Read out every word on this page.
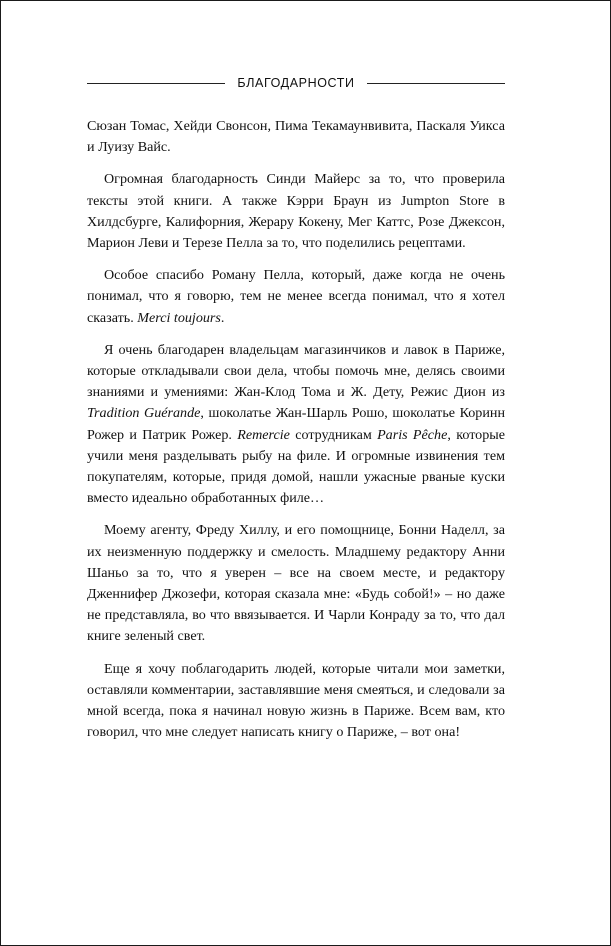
БЛАГОДАРНОСТИ

Сюзан Томас, Хейди Свонсон, Пима Текамаунвивита, Паскаля Уикса и Луизу Вайс.

Огромная благодарность Синди Майерс за то, что проверила тексты этой книги. А также Кэрри Браун из Jumpton Store в Хилдсбурге, Калифорния, Жерару Кокену, Мег Каттс, Розе Джексон, Марион Леви и Терезе Пелла за то, что поделились рецептами.

Особое спасибо Роману Пелла, который, даже когда не очень понимал, что я говорю, тем не менее всегда понимал, что я хотел сказать. Merci toujours.

Я очень благодарен владельцам магазинчиков и лавок в Париже, которые откладывали свои дела, чтобы помочь мне, делясь своими знаниями и умениями: Жан-Клод Тома и Ж. Дету, Режис Дион из Tradition Guérande, шоколатье Жан-Шарль Рошо, шоколатье Коринн Рожер и Патрик Рожер. Remercie сотрудникам Paris Pêche, которые учили меня разделывать рыбу на филе. И огромные извинения тем покупателям, которые, придя домой, нашли ужасные рваные куски вместо идеально обработанных филе…

Моему агенту, Фреду Хиллу, и его помощнице, Бонни Наделл, за их неизменную поддержку и смелость. Младшему редактору Анни Шаньо за то, что я уверен – все на своем месте, и редактору Дженнифер Джозефи, которая сказала мне: «Будь собой!» – но даже не представляла, во что ввязывается. И Чарли Конраду за то, что дал книге зеленый свет.

Еще я хочу поблагодарить людей, которые читали мои заметки, оставляли комментарии, заставлявшие меня смеяться, и следовали за мной всегда, пока я начинал новую жизнь в Париже. Всем вам, кто говорил, что мне следует написать книгу о Париже, – вот она!
